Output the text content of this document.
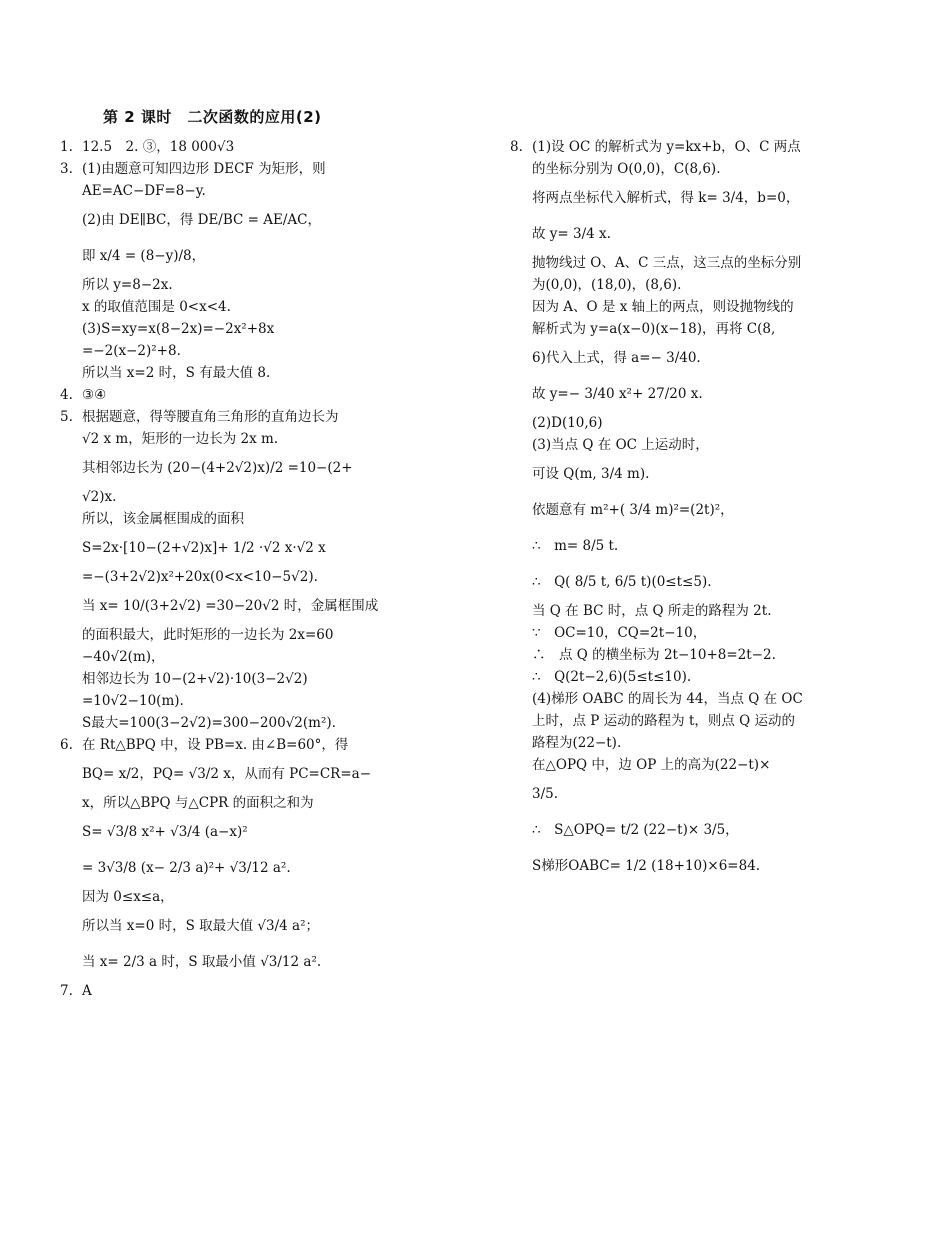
第 2 课时　二次函数的应用(2)
1. 12.5　2. ③，18 000√3
3. (1)由题意可知四边形 DECF 为矩形，则
AE=AC−DF=8−y.
(2)由 DE∥BC，得 DE/BC = AE/AC，
即 x/4 = (8−y)/8，
所以 y=8−2x.
x 的取值范围是 0<x<4.
(3)S=xy=x(8−2x)=−2x²+8x
=−2(x−2)²+8.
所以当 x=2 时，S 有最大值 8.
4. ③④
5. 根据题意，得等腰直角三角形的直角边长为
√2 x m，矩形的一边长为 2x m.
其相邻边长为 (20−(4+2√2)x)/2 =10−(2+
√2)x.
所以，该金属框围成的面积
S=2x·[10−(2+√2)x]+ 1/2 ·√2 x·√2 x
=−(3+2√2)x²+20x(0<x<10−5√2).
当 x= 10/(3+2√2) =30−20√2 时，金属框围成
的面积最大，此时矩形的一边长为 2x=60
−40√2(m)，
相邻边长为 10−(2+√2)·10(3−2√2)
=10√2−10(m).
S最大=100(3−2√2)=300−200√2(m²).
6. 在 Rt△BPQ 中，设 PB=x. 由∠B=60°，得
BQ= x/2，PQ= √3/2 x，从而有 PC=CR=a−
x，所以△BPQ 与△CPR 的面积之和为
S= √3/8 x²+ √3/4 (a−x)²
= 3√3/8 (x− 2/3 a)²+ √3/12 a².
因为 0≤x≤a，
所以当 x=0 时，S 取最大值 √3/4 a²；
当 x= 2/3 a 时，S 取最小值 √3/12 a².
7. A
8. (1)设 OC 的解析式为 y=kx+b，O、C 两点
的坐标分别为 O(0,0)，C(8,6).
将两点坐标代入解析式，得 k= 3/4，b=0，
故 y= 3/4 x.
抛物线过 O、A、C 三点，这三点的坐标分别
为(0,0)，(18,0)，(8,6).
因为 A、O 是 x 轴上的两点，则设抛物线的
解析式为 y=a(x−0)(x−18)，再将 C(8,
6)代入上式，得 a=− 3/40.
故 y=− 3/40 x²+ 27/20 x.
(2)D(10,6)
(3)当点 Q 在 OC 上运动时，
可设 Q(m, 3/4 m).
依题意有 m²+( 3/4 m)²=(2t)²，
∴　m= 8/5 t.
∴　Q( 8/5 t, 6/5 t)(0≤t≤5).
当 Q 在 BC 时，点 Q 所走的路程为 2t.
∵　OC=10，CQ=2t−10，
∴　点 Q 的横坐标为 2t−10+8=2t−2.
∴　Q(2t−2,6)(5≤t≤10).
(4)梯形 OABC 的周长为 44，当点 Q 在 OC
上时，点 P 运动的路程为 t，则点 Q 运动的
路程为(22−t).
在△OPQ 中，边 OP 上的高为(22−t)×
3/5.
∴　S△OPQ= t/2 (22−t)× 3/5，
S梯形OABC= 1/2 (18+10)×6=84.
